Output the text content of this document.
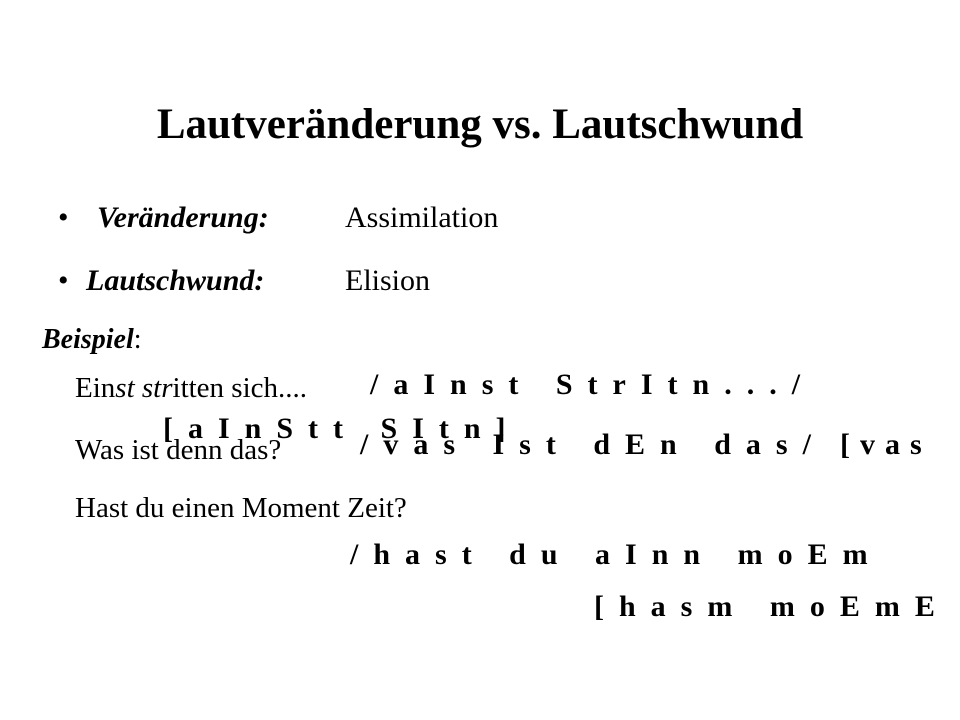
Lautveränderung vs. Lautschwund
• Veränderung:	Assimilation
• Lautschwund:	Elision
Beispiel:
Einst stritten sich.... /aInst StrItn.../
[aInStt SItn]
Was ist denn das?	/vas Ist dEn das/ [vas
Hast du einen Moment Zeit?
/hast du aInn moEm
[hasm moEmE
